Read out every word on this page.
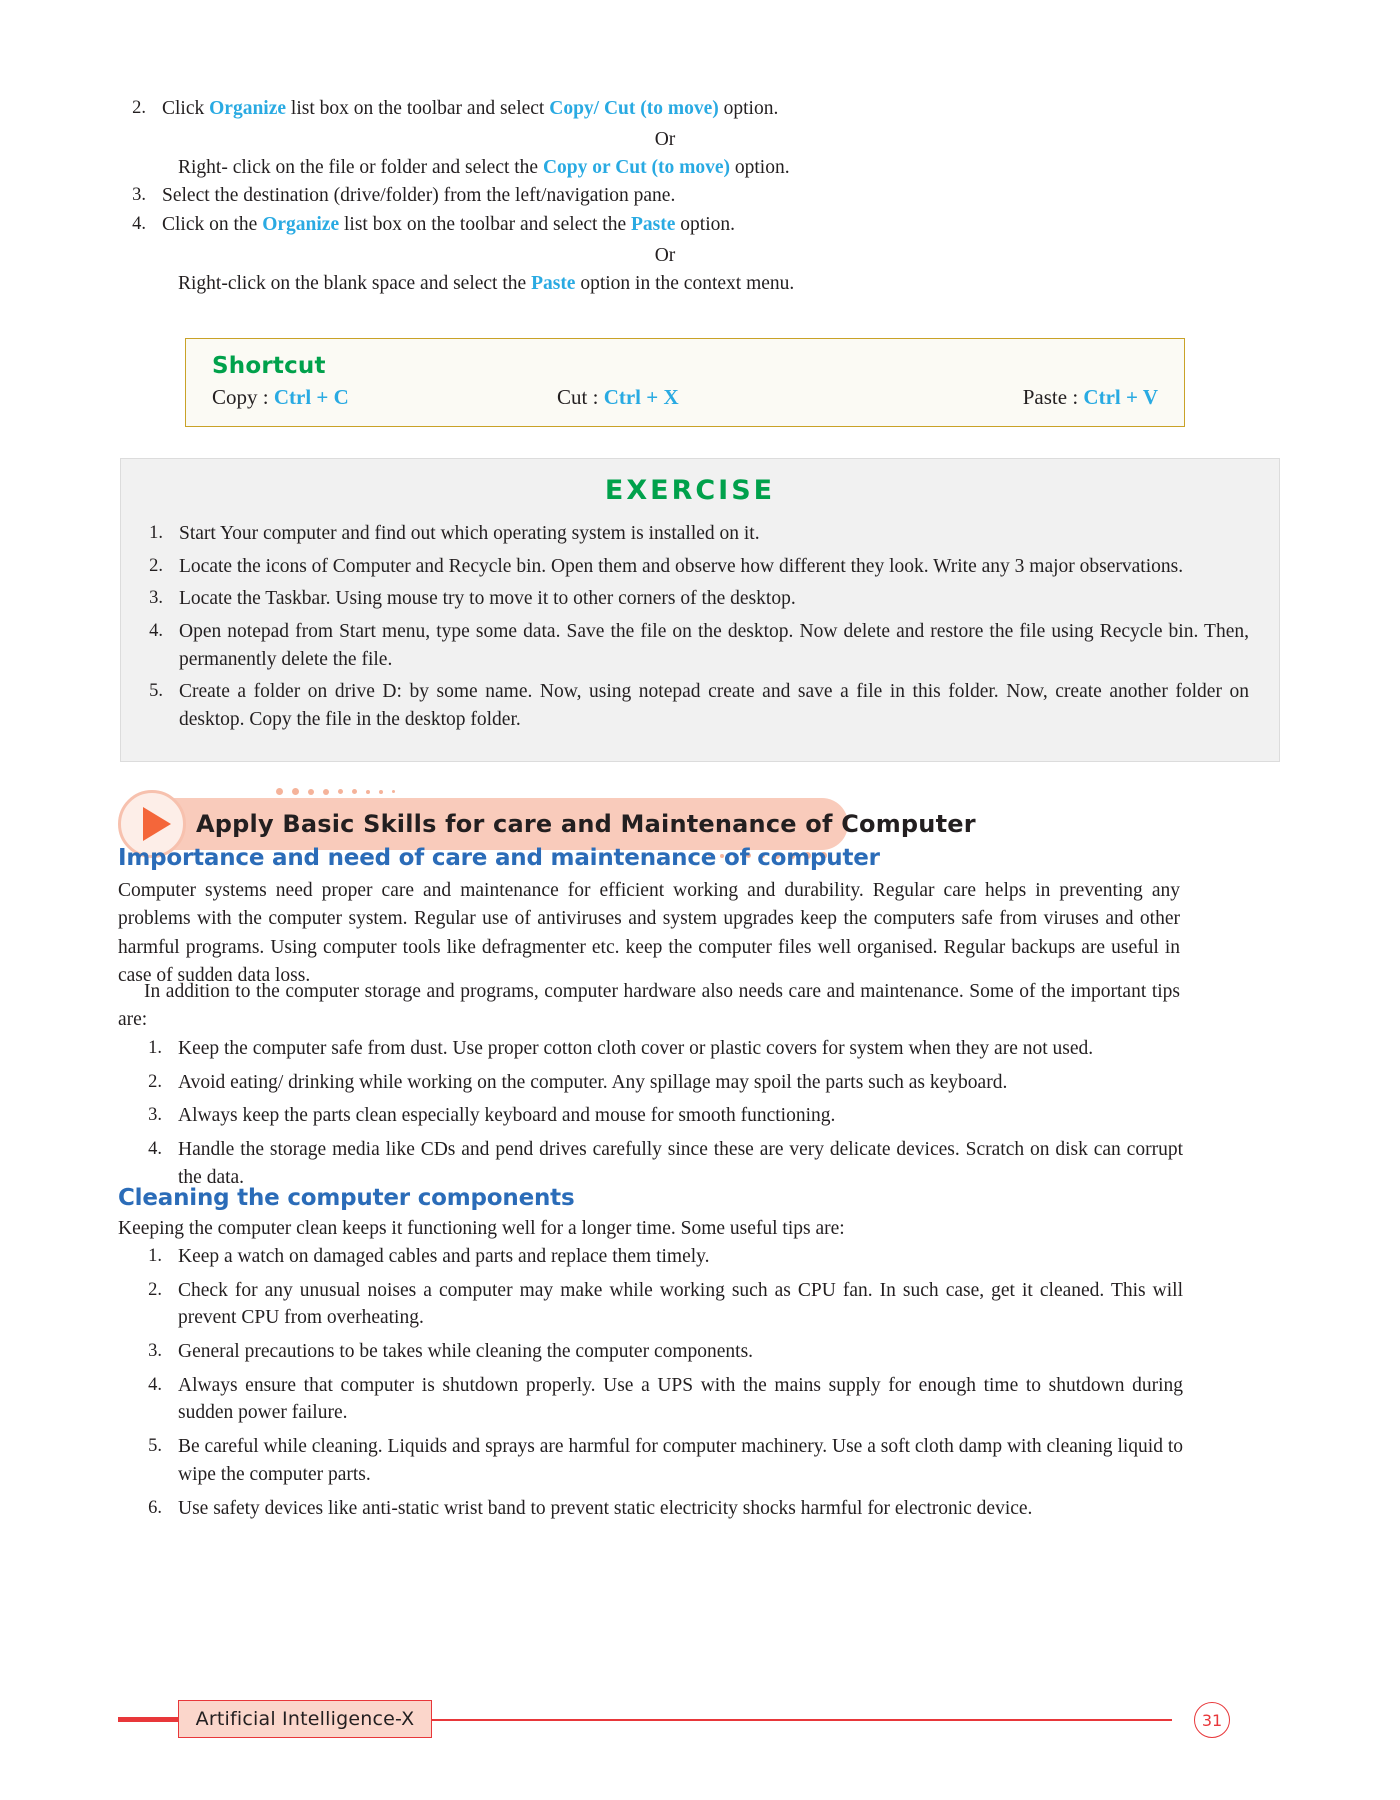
2. Click Organize list box on the toolbar and select Copy/ Cut (to move) option.
Or
Right- click on the file or folder and select the Copy or Cut (to move) option.
3. Select the destination (drive/folder) from the left/navigation pane.
4. Click on the Organize list box on the toolbar and select the Paste option.
Or
Right-click on the blank space and select the Paste option in the context menu.
Shortcut
Copy : Ctrl + C	Cut : Ctrl + X	Paste : Ctrl + V
EXERCISE
1. Start Your computer and find out which operating system is installed on it.
2. Locate the icons of Computer and Recycle bin. Open them and observe how different they look. Write any 3 major observations.
3. Locate the Taskbar. Using mouse try to move it to other corners of the desktop.
4. Open notepad from Start menu, type some data. Save the file on the desktop. Now delete and restore the file using Recycle bin. Then, permanently delete the file.
5. Create a folder on drive D: by some name. Now, using notepad create and save a file in this folder. Now, create another folder on desktop. Copy the file in the desktop folder.
Apply Basic Skills for care and Maintenance of Computer
Importance and need of care and maintenance of computer
Computer systems need proper care and maintenance for efficient working and durability. Regular care helps in preventing any problems with the computer system. Regular use of antiviruses and system upgrades keep the computers safe from viruses and other harmful programs. Using computer tools like defragmenter etc. keep the computer files well organised. Regular backups are useful in case of sudden data loss.
In addition to the computer storage and programs, computer hardware also needs care and maintenance. Some of the important tips are:
1. Keep the computer safe from dust. Use proper cotton cloth cover or plastic covers for system when they are not used.
2. Avoid eating/ drinking while working on the computer. Any spillage may spoil the parts such as keyboard.
3. Always keep the parts clean especially keyboard and mouse for smooth functioning.
4. Handle the storage media like CDs and pend drives carefully since these are very delicate devices. Scratch on disk can corrupt the data.
Cleaning the computer components
Keeping the computer clean keeps it functioning well for a longer time. Some useful tips are:
1. Keep a watch on damaged cables and parts and replace them timely.
2. Check for any unusual noises a computer may make while working such as CPU fan. In such case, get it cleaned. This will prevent CPU from overheating.
3. General precautions to be takes while cleaning the computer components.
4. Always ensure that computer is shutdown properly. Use a UPS with the mains supply for enough time to shutdown during sudden power failure.
5. Be careful while cleaning. Liquids and sprays are harmful for computer machinery. Use a soft cloth damp with cleaning liquid to wipe the computer parts.
6. Use safety devices like anti-static wrist band to prevent static electricity shocks harmful for electronic device.
Artificial Intelligence-X	31
